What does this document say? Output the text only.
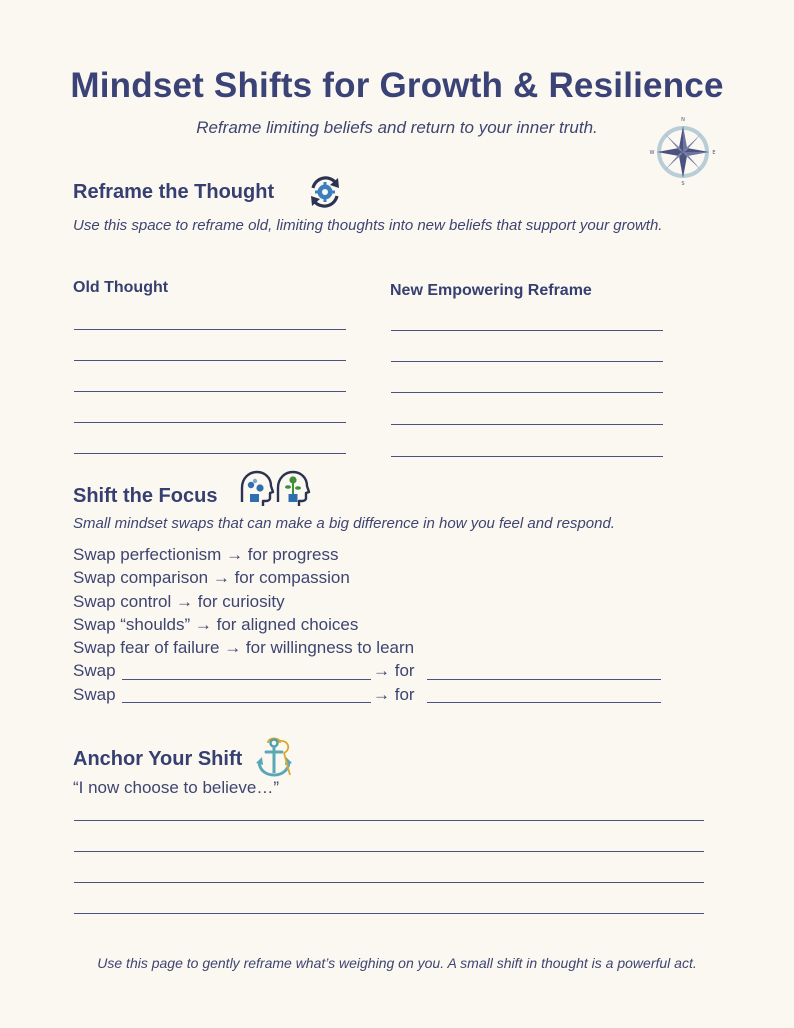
Mindset Shifts for Growth & Resilience
Reframe limiting beliefs and return to your inner truth.	N
E
S
W
Reframe the Thought
Use this space to reframe old, limiting thoughts into new beliefs that support your growth.
Old Thought	New Empowering Reframe
Shift the Focus
Small mindset swaps that can make a big difference in how you feel and respond.
Swap perfectionism → for progress
Swap comparison → for compassion
Swap control → for curiosity
Swap “shoulds” → for aligned choices
Swap fear of failure → for willingness to learn
Swap	→ for
Swap	→ for
Anchor Your Shift
“I now choose to believe…”
Use this page to gently reframe what’s weighing on you. A small shift in thought is a powerful act.
